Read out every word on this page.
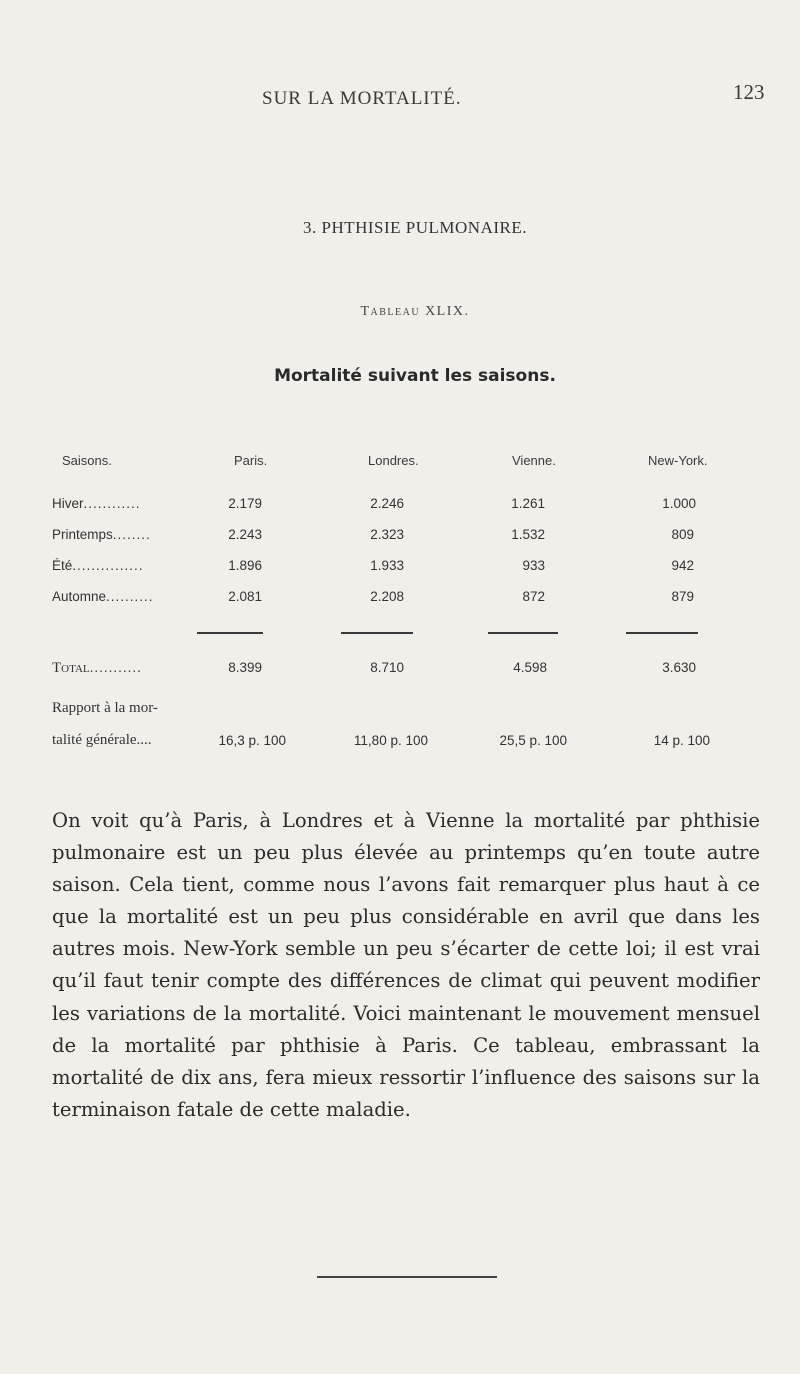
SUR LA MORTALITÉ.	123
3. PHTHISIE PULMONAIRE.
Tableau XLIX.
Mortalité suivant les saisons.
Saisons.	Paris.	Londres.	Vienne.	New-York.
Hiver............	2.179	2.246	1.261	1.000
Printemps........	2.243	2.323	1.532	809
Été...............	1.896	1.933	933	942
Automne..........	2.081	2.208	872	879
Total...........	8.399	8.710	4.598	3.630
Rapport à la mor-
talité générale....	16,3 p. 100	11,80 p. 100	25,5 p. 100	14 p. 100

On voit qu’à Paris, à Londres et à Vienne la mortalité par phthisie pulmonaire est un peu plus élevée au printemps qu’en toute autre saison. Cela tient, comme nous l’avons fait remarquer plus haut à ce que la mortalité est un peu plus considérable en avril que dans les autres mois. New-York semble un peu s’écarter de cette loi; il est vrai qu’il faut tenir compte des différences de climat qui peuvent modifier les variations de la mortalité. Voici maintenant le mouvement mensuel de la mortalité par phthisie à Paris. Ce tableau, embrassant la mortalité de dix ans, fera mieux ressortir l’influence des saisons sur la terminaison fatale de cette maladie.
